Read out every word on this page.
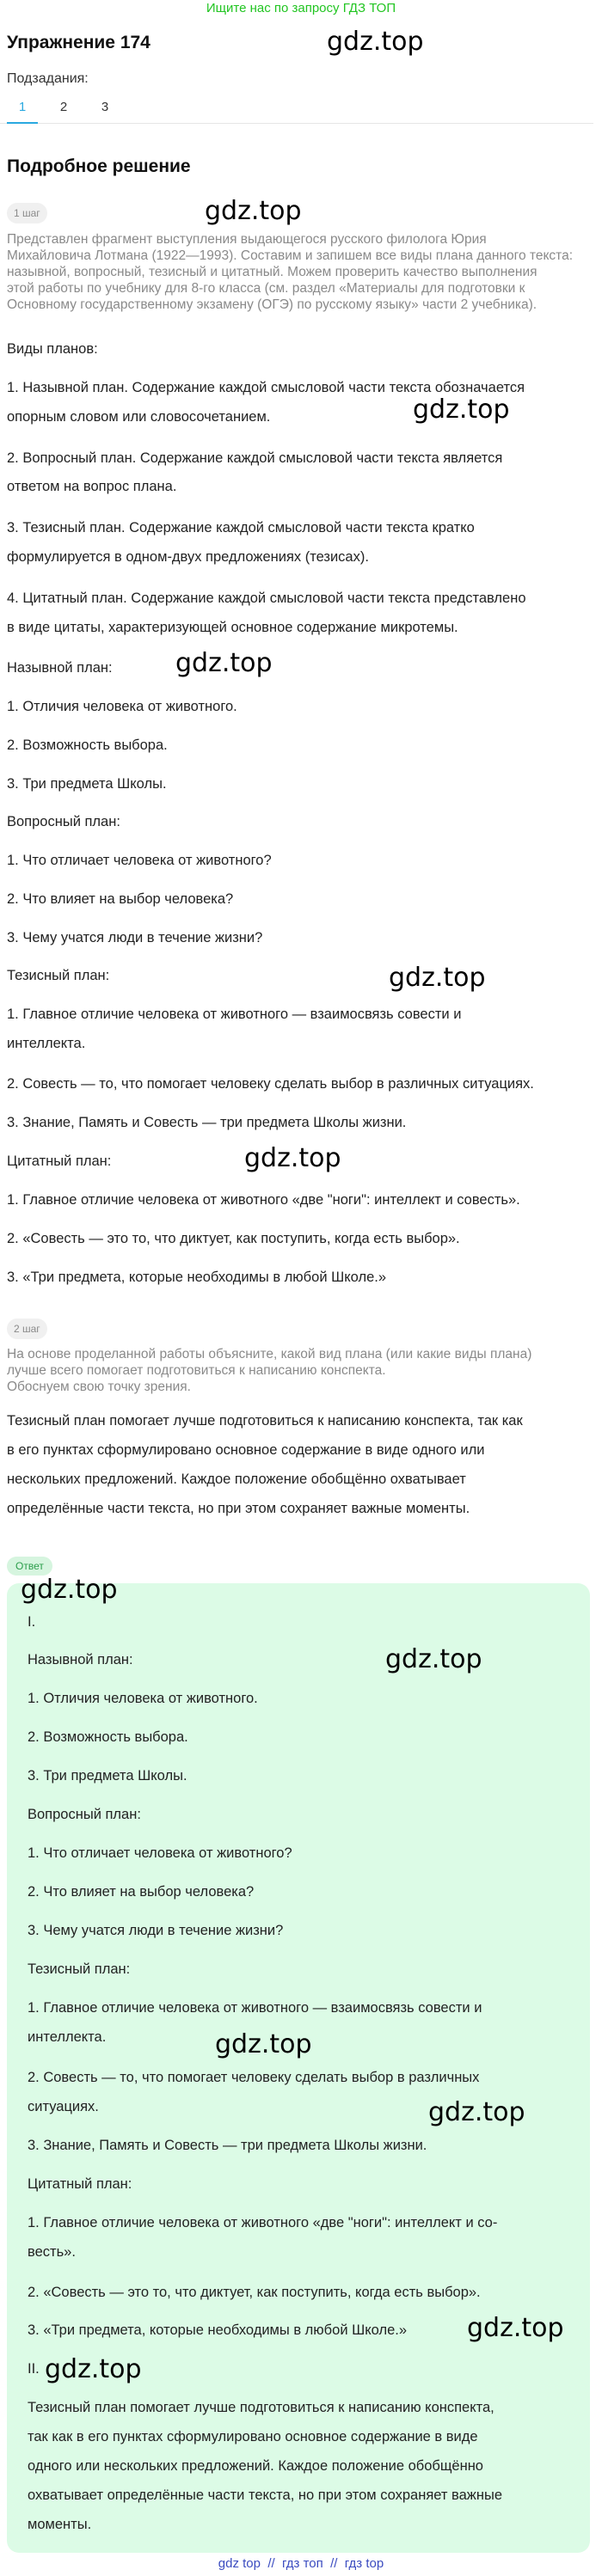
Ищите нас по запросу ГДЗ ТОП
Упражнение 174	gdz.top
Подзадания:
1	2	3
Подробное решение
1 шаг	gdz.top
Представлен фрагмент выступления выдающегося русского филолога Юрия
Михайловича Лотмана (1922—1993). Составим и запишем все виды плана данного текста:
назывной, вопросный, тезисный и цитатный. Можем проверить качество выполнения
этой работы по учебнику для 8-го класса (см. раздел «Материалы для подготовки к
Основному государственному экзамену (ОГЭ) по русскому языку» части 2 учебника).
Виды планов:
1. Назывной план. Содержание каждой смысловой части текста обозначается
опорным словом или словосочетанием.	gdz.top
2. Вопросный план. Содержание каждой смысловой части текста является
ответом на вопрос плана.
3. Тезисный план. Содержание каждой смысловой части текста кратко
формулируется в одном-двух предложениях (тезисах).
4. Цитатный план. Содержание каждой смысловой части текста представлено
в виде цитаты, характеризующей основное содержание микротемы.
Назывной план: gdz.top
1. Отличия человека от животного.
2. Возможность выбора.
3. Три предмета Школы.
Вопросный план:
1. Что отличает человека от животного?
2. Что влияет на выбор человека?
3. Чему учатся люди в течение жизни?
Тезисный план:	gdz.top
1. Главное отличие человека от животного — взаимосвязь совести и
интеллекта.
2. Совесть — то, что помогает человеку сделать выбор в различных ситуациях.
3. Знание, Память и Совесть — три предмета Школы жизни.
Цитатный план:	gdz.top
1. Главное отличие человека от животного «две "ноги": интеллект и совесть».
2. «Совесть — это то, что диктует, как поступить, когда есть выбор».
3. «Три предмета, которые необходимы в любой Школе.»
2 шаг
На основе проделанной работы объясните, какой вид плана (или какие виды плана)
лучше всего помогает подготовиться к написанию конспекта.
Обоснуем свою точку зрения.
Тезисный план помогает лучше подготовиться к написанию конспекта, так как
в его пунктах сформулировано основное содержание в виде одного или
нескольких предложений. Каждое положение обобщённо охватывает
определённые части текста, но при этом сохраняет важные моменты.
Ответ
gdz.top
I.
Назывной план:	gdz.top
1. Отличия человека от животного.
2. Возможность выбора.
3. Три предмета Школы.
Вопросный план:
1. Что отличает человека от животного?
2. Что влияет на выбор человека?
3. Чему учатся люди в течение жизни?
Тезисный план:
1. Главное отличие человека от животного — взаимосвязь совести и
интеллекта.	gdz.top
2. Совесть — то, что помогает человеку сделать выбор в различных
ситуациях.	gdz.top
3. Знание, Память и Совесть — три предмета Школы жизни.
Цитатный план:
1. Главное отличие человека от животного «две "ноги": интеллект и со-
весть».
2. «Совесть — это то, что диктует, как поступить, когда есть выбор».
3. «Три предмета, которые необходимы в любой Школе.» gdz.top
II. gdz.top
Тезисный план помогает лучше подготовиться к написанию конспекта,
так как в его пунктах сформулировано основное содержание в виде
одного или нескольких предложений. Каждое положение обобщённо
охватывает определённые части текста, но при этом сохраняет важные
моменты.
gdz top  //  гдз топ  //  гдз top
